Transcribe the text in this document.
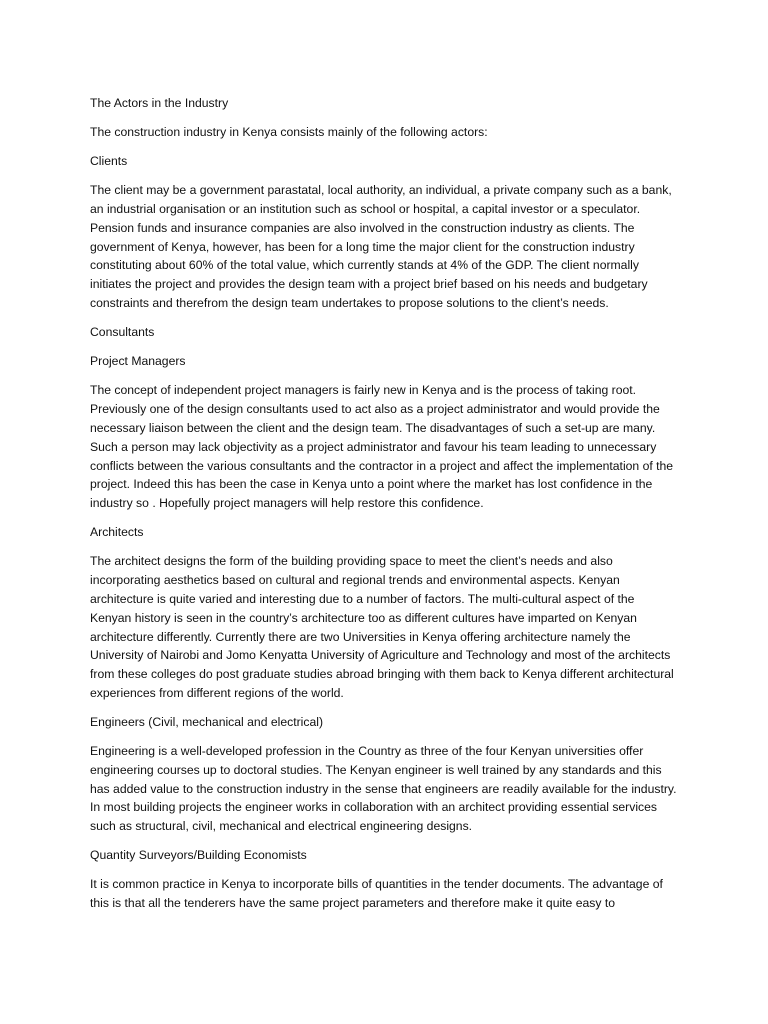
The Actors in the Industry

The construction industry in Kenya consists mainly of the following actors:

Clients

The client may be a government parastatal, local authority, an individual, a private company such as a bank, an industrial organisation or an institution such as school or hospital, a capital investor or a speculator. Pension funds and insurance companies are also involved in the construction industry as clients. The government of Kenya, however, has been for a long time the major client for the construction industry constituting about 60% of the total value, which currently stands at 4% of the GDP. The client normally initiates the project and provides the design team with a project brief based on his needs and budgetary constraints and therefrom the design team undertakes to propose solutions to the client’s needs.

Consultants

Project Managers

The concept of independent project managers is fairly new in Kenya and is the process of taking root. Previously one of the design consultants used to act also as a project administrator and would provide the necessary liaison between the client and the design team. The disadvantages of such a set-up are many. Such a person may lack objectivity as a project administrator and favour his team leading to unnecessary conflicts between the various consultants and the contractor in a project and affect the implementation of the project. Indeed this has been the case in Kenya unto a point where the market has lost confidence in the industry so . Hopefully project managers will help restore this confidence.

Architects

The architect designs the form of the building providing space to meet the client’s needs and also incorporating aesthetics based on cultural and regional trends and environmental aspects. Kenyan architecture is quite varied and interesting due to a number of factors. The multi-cultural aspect of the Kenyan history is seen in the country’s architecture too as different cultures have imparted on Kenyan architecture differently. Currently there are two Universities in Kenya offering architecture namely the University of Nairobi and Jomo Kenyatta University of Agriculture and Technology and most of the architects from these colleges do post graduate studies abroad bringing with them back to Kenya different architectural experiences from different regions of the world.

Engineers (Civil, mechanical and electrical)

Engineering is a well-developed profession in the Country as three of the four Kenyan universities offer engineering courses up to doctoral studies. The Kenyan engineer is well trained by any standards and this has added value to the construction industry in the sense that engineers are readily available for the industry. In most building projects the engineer works in collaboration with an architect providing essential services such as structural, civil, mechanical and electrical engineering designs.

Quantity Surveyors/Building Economists

It is common practice in Kenya to incorporate bills of quantities in the tender documents. The advantage of this is that all the tenderers have the same project parameters and therefore make it quite easy to
